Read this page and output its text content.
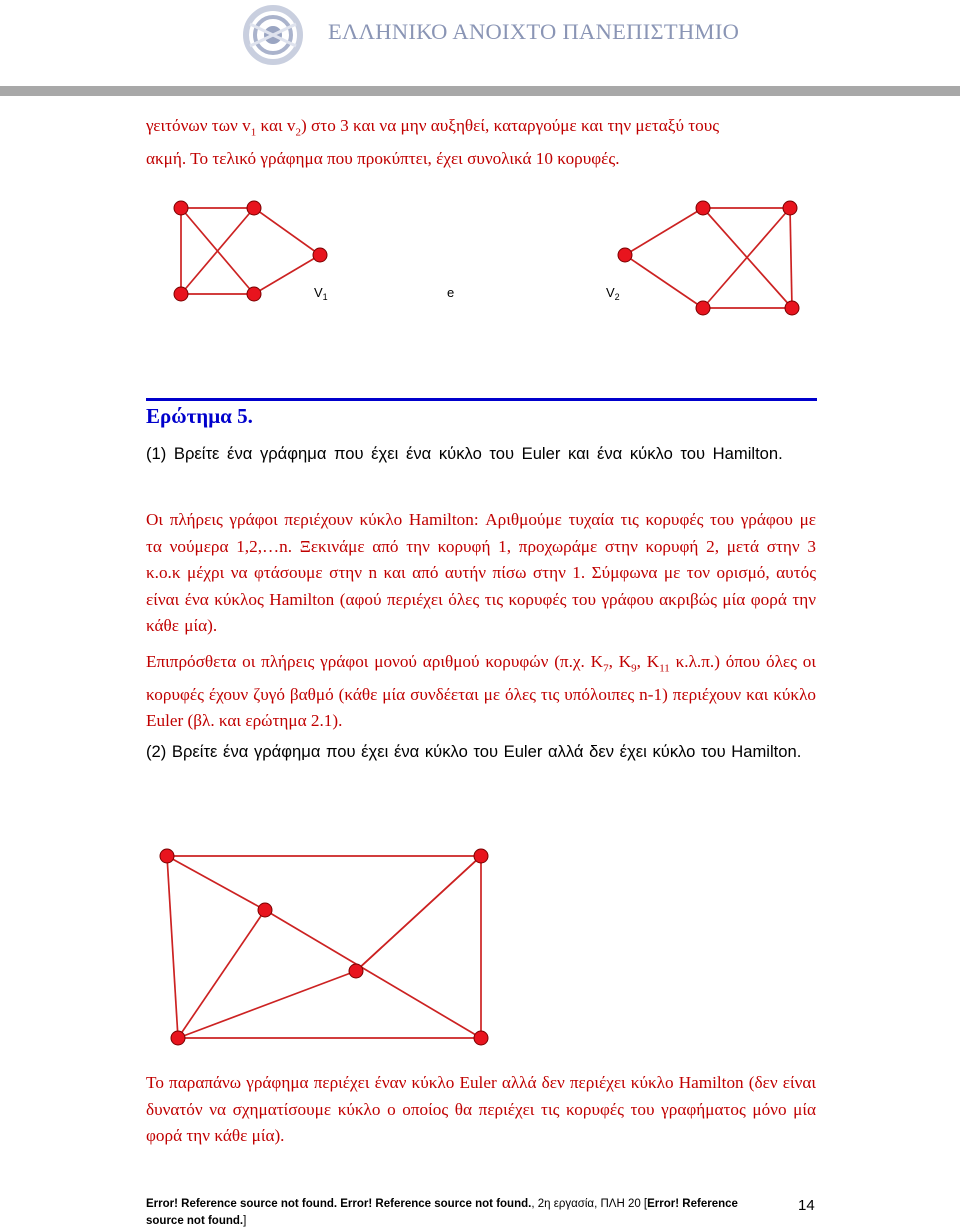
ΕΛΛΗΝΙΚΟ ΑΝΟΙΧΤΟ ΠΑΝΕΠΙΣΤΗΜΙΟ

γειτόνων των $v_1$ και $v_2$) στο 3 και να μην αυξηθεί, καταργούμε και την μεταξύ τους
ακμή. Το τελικό γράφημα που προκύπτει, έχει συνολικά 10 κορυφές.

$V_1$	e	$V_2$

Ερώτημα 5.

(1) Βρείτε ένα γράφημα που έχει ένα κύκλο του Euler και ένα κύκλο του Hamilton.

Οι πλήρεις γράφοι περιέχουν κύκλο Hamilton: Αριθμούμε τυχαία τις κορυφές του γράφου με τα νούμερα 1,2,…n. Ξεκινάμε από την κορυφή 1, προχωράμε στην κορυφή 2, μετά στην 3 κ.ο.κ μέχρι να φτάσουμε στην n και από αυτήν πίσω στην 1. Σύμφωνα με τον ορισμό, αυτός είναι ένα κύκλος Hamilton (αφού περιέχει όλες τις κορυφές του γράφου ακριβώς μία φορά την κάθε μία).

Επιπρόσθετα οι πλήρεις γράφοι μονού αριθμού κορυφών (π.χ. $K_7$, $K_9$, $K_{11}$ κ.λ.π.) όπου όλες οι κορυφές έχουν ζυγό βαθμό (κάθε μία συνδέεται με όλες τις υπόλοιπες n-1) περιέχουν και κύκλο Euler (βλ. και ερώτημα 2.1).

(2) Βρείτε ένα γράφημα που έχει ένα κύκλο του Euler αλλά δεν έχει κύκλο του Hamilton.

Το παραπάνω γράφημα περιέχει έναν κύκλο Euler αλλά δεν περιέχει κύκλο Hamilton (δεν είναι δυνατόν να σχηματίσουμε κύκλο ο οποίος θα περιέχει τις κορυφές του γραφήματος μόνο μία φορά την κάθε μία).

Error! Reference source not found. Error! Reference source not found., 2η εργασία, ΠΛΗ 20 [Error! Reference source not found.]

14
